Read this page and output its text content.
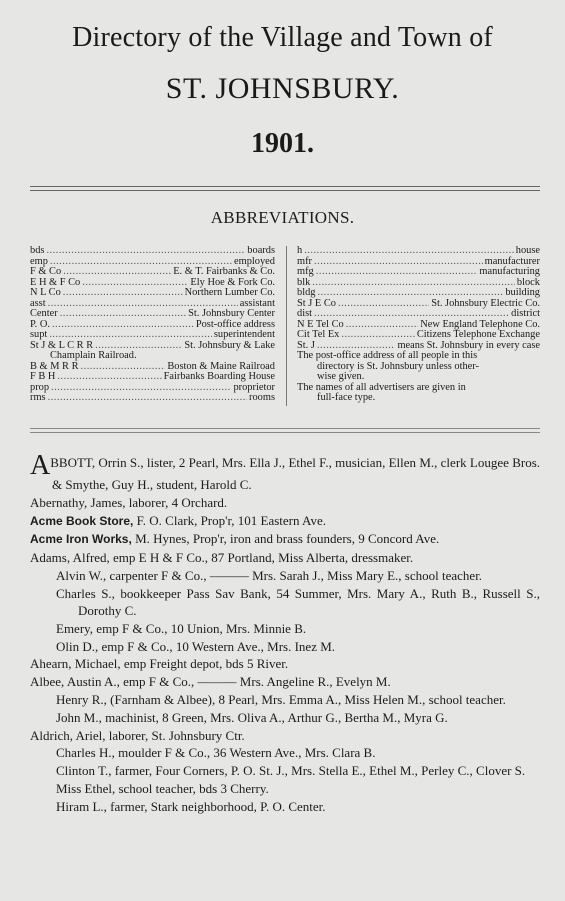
Directory of the Village and Town of
ST. JOHNSBURY.
1901.
ABBREVIATIONS.
bds .....	boards
emp .....	employed
F & Co .....	E. & T. Fairbanks & Co.
E H & F Co .....	Ely Hoe & Fork Co.
N L Co .....	Northern Lumber Co.
asst .....	assistant
Center .....	St. Johnsbury Center
P. O. .....	Post-office address
supt .....	superintendent
St J & L C R R .....	St. Johnsbury & Lake
Champlain Railroad.
B & M R R .....	Boston & Maine Railroad
F B H .....	Fairbanks Boarding House
prop .....	proprietor
rms .....	rooms
h .....	house
mfr .....	manufacturer
mfg .....	manufacturing
blk .....	block
bldg .....	building
St J E Co .....	St. Johnsbury Electric Co.
dist .....	district
N E Tel Co .....	New England Telephone Co.
Cit Tel Ex .....	Citizens Telephone Exchange
St. J .....	means St. Johnsbury in every case
The post-office address of all people in this
directory is St. Johnsbury unless other-
wise given.
The names of all advertisers are given in
full-face type.
ABBOTT, Orrin S., lister, 2 Pearl, Mrs. Ella J., Ethel F., musician, Ellen M., clerk Lougee Bros. & Smythe, Guy H., student, Harold C.
Abernathy, James, laborer, 4 Orchard.
Acme Book Store, F. O. Clark, Prop'r, 101 Eastern Ave.
Acme Iron Works, M. Hynes, Prop'r, iron and brass founders, 9 Concord Ave.
Adams, Alfred, emp E H & F Co., 87 Portland, Miss Alberta, dressmaker.
Alvin W., carpenter F & Co., ——— Mrs. Sarah J., Miss Mary E., school teacher.
Charles S., bookkeeper Pass Sav Bank, 54 Summer, Mrs. Mary A., Ruth B., Russell S., Dorothy C.
Emery, emp F & Co., 10 Union, Mrs. Minnie B.
Olin D., emp F & Co., 10 Western Ave., Mrs. Inez M.
Ahearn, Michael, emp Freight depot, bds 5 River.
Albee, Austin A., emp F & Co., ——— Mrs. Angeline R., Evelyn M.
Henry R., (Farnham & Albee), 8 Pearl, Mrs. Emma A., Miss Helen M., school teacher.
John M., machinist, 8 Green, Mrs. Oliva A., Arthur G., Bertha M., Myra G.
Aldrich, Ariel, laborer, St. Johnsbury Ctr.
Charles H., moulder F & Co., 36 Western Ave., Mrs. Clara B.
Clinton T., farmer, Four Corners, P. O. St. J., Mrs. Stella E., Ethel M., Perley C., Clover S.
Miss Ethel, school teacher, bds 3 Cherry.
Hiram L., farmer, Stark neighborhood, P. O. Center.
